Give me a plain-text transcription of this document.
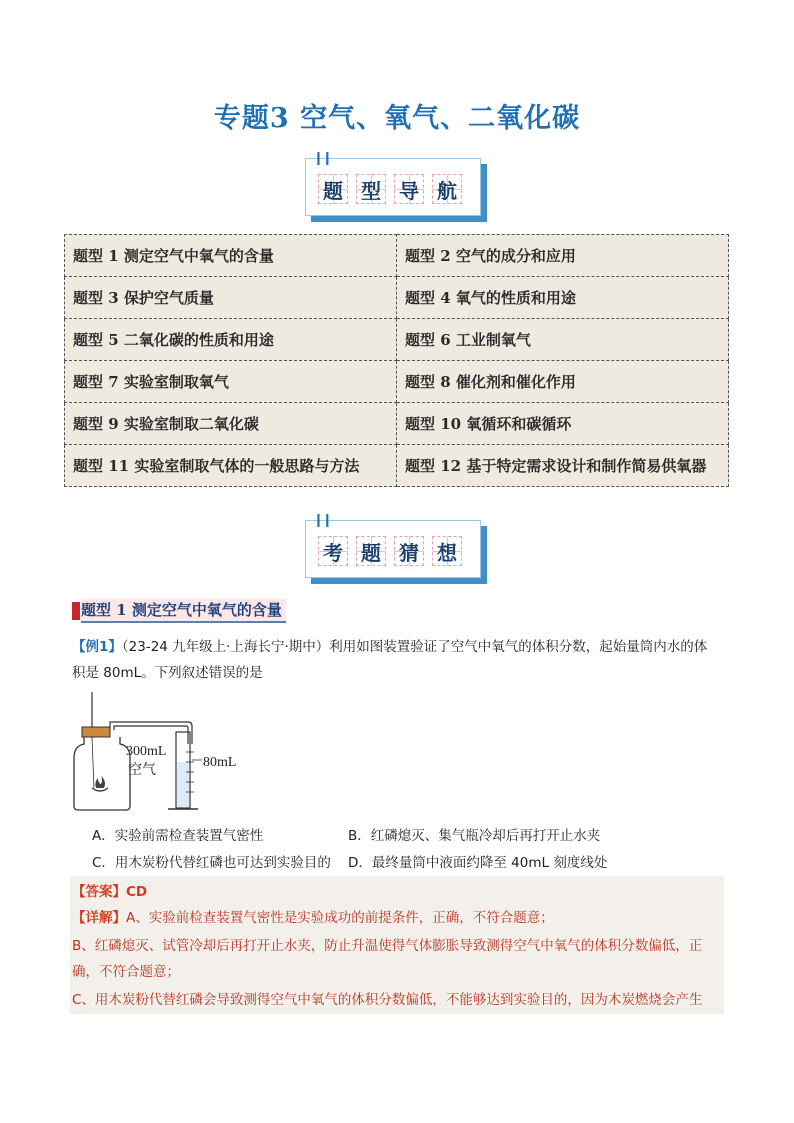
专题3 空气、氧气、二氧化碳
题 型 导 航
❙❙
题型 1 测定空气中氧气的含量	题型 2 空气的成分和应用
题型 3 保护空气质量	题型 4 氧气的性质和用途
题型 5 二氧化碳的性质和用途	题型 6 工业制氧气
题型 7 实验室制取氧气	题型 8 催化剂和催化作用
题型 9 实验室制取二氧化碳	题型 10 氧循环和碳循环
题型 11 实验室制取气体的一般思路与方法	题型 12 基于特定需求设计和制作简易供氧器
考 题 猜 想
❙❙
题型 1 测定空气中氧气的含量
【例1】（23-24 九年级上·上海长宁·期中）利用如图装置验证了空气中氧气的体积分数，起始量筒内水的体
积是 80mL。下列叙述错误的是
300mL
空气	80mL
A．实验前需检查装置气密性	B．红磷熄灭、集气瓶冷却后再打开止水夹
C．用木炭粉代替红磷也可达到实验目的 D．最终量筒中液面约降至 40mL 刻度线处
【答案】CD
【详解】A、实验前检查装置气密性是实验成功的前提条件，正确，不符合题意；
B、红磷熄灭、试管冷却后再打开止水夹，防止升温使得气体膨胀导致测得空气中氧气的体积分数偏低，正
确，不符合题意；
C、用木炭粉代替红磷会导致测得空气中氧气的体积分数偏低，不能够达到实验目的，因为木炭燃烧会产生
